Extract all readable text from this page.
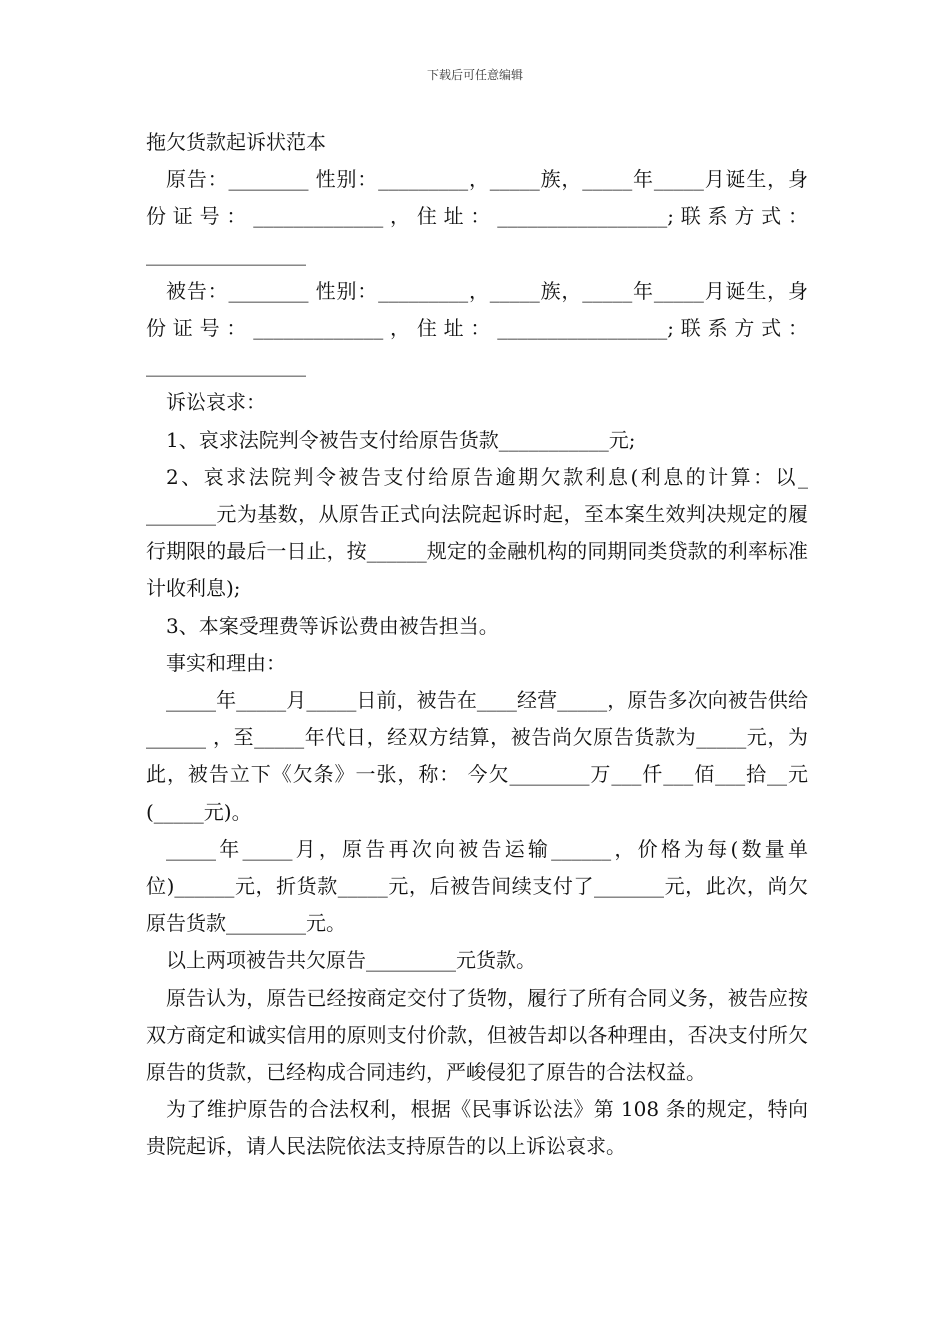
下载后可任意编辑

拖欠货款起诉状范本

原告：________ 性别：_________，_____族，_____年_____月诞生，身份证号：_____________，住址：_________________;联系方式：________________

被告：________ 性别：_________，_____族，_____年_____月诞生，身份证号：_____________，住址：_________________;联系方式：________________

诉讼哀求：

1、哀求法院判令被告支付给原告货款___________元;

2、哀求法院判令被告支付给原告逾期欠款利息(利息的计算：以_ _______元为基数，从原告正式向法院起诉时起，至本案生效判决规定的履行期限的最后一日止，按______规定的金融机构的同期同类贷款的利率标准计收利息);

3、本案受理费等诉讼费由被告担当。

事实和理由：

_____年_____月_____日前，被告在____经营_____，原告多次向被告供给______ ，至_____年代日，经双方结算，被告尚欠原告货款为_____元，为此，被告立下《欠条》一张，称： 今欠________万___仟___佰___拾__元(_____元)。

_____年_____月，原告再次向被告运输______，价格为每(数量单位)______元，折货款_____元，后被告间续支付了_______元，此次，尚欠原告货款________元。

以上两项被告共欠原告_________元货款。

原告认为，原告已经按商定交付了货物，履行了所有合同义务，被告应按双方商定和诚实信用的原则支付价款，但被告却以各种理由，否决支付所欠原告的货款，已经构成合同违约，严峻侵犯了原告的合法权益。

为了维护原告的合法权利，根据《民事诉讼法》第 108 条的规定，特向贵院起诉，请人民法院依法支持原告的以上诉讼哀求。
